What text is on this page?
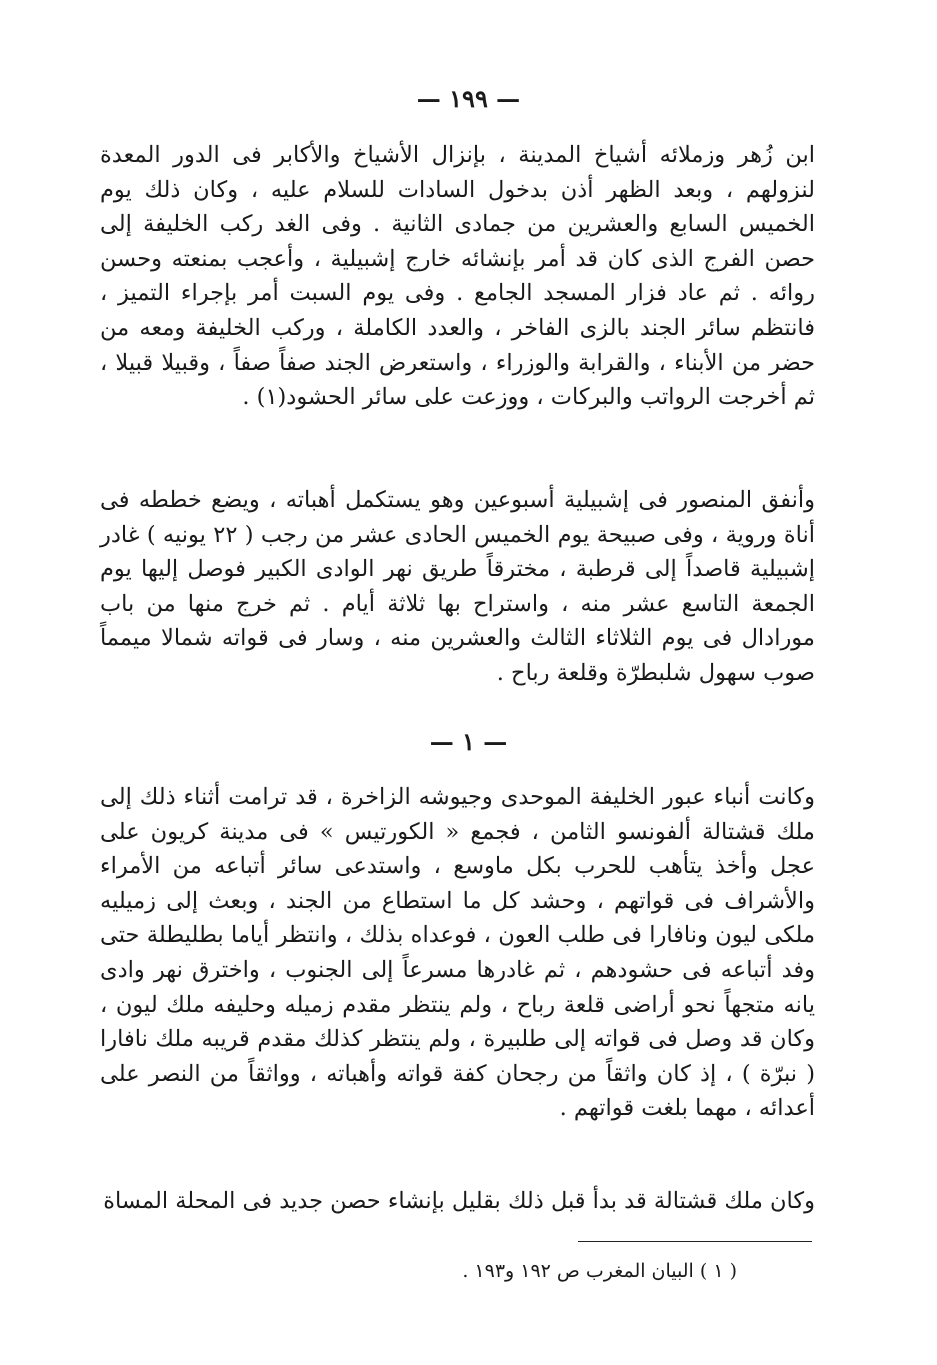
— ١٩٩ —

ابن زُهر وزملائه أشياخ المدينة ، بإنزال الأشياخ والأكابر فى الدور المعدة لنزولهم ، وبعد الظهر أذن بدخول السادات للسلام عليه ، وكان ذلك يوم الخميس السابع والعشرين من جمادى الثانية . وفى الغد ركب الخليفة إلى حصن الفرج الذى كان قد أمر بإنشائه خارج إشبيلية ، وأعجب بمنعته وحسن روائه . ثم عاد فزار المسجد الجامع . وفى يوم السبت أمر بإجراء التميز ، فانتظم سائر الجند بالزى الفاخر ، والعدد الكاملة ، وركب الخليفة ومعه من حضر من الأبناء ، والقرابة والوزراء ، واستعرض الجند صفاً صفاً ، وقبيلا قبيلا ، ثم أخرجت الرواتب والبركات ، ووزعت على سائر الحشود(١) .

وأنفق المنصور فى إشبيلية أسبوعين وهو يستكمل أهباته ، ويضع خططه فى أناة وروية ، وفى صبيحة يوم الخميس الحادى عشر من رجب ( ٢٢ يونيه ) غادر إشبيلية قاصداً إلى قرطبة ، مخترقاً طريق نهر الوادى الكبير فوصل إليها يوم الجمعة التاسع عشر منه ، واستراح بها ثلاثة أيام . ثم خرج منها من باب مورادال فى يوم الثلاثاء الثالث والعشرين منه ، وسار فى قواته شمالا ميمماً صوب سهول شلبطرّة وقلعة رباح .

— ١ —

وكانت أنباء عبور الخليفة الموحدى وجيوشه الزاخرة ، قد ترامت أثناء ذلك إلى ملك قشتالة ألفونسو الثامن ، فجمع « الكورتيس » فى مدينة كريون على عجل وأخذ يتأهب للحرب بكل ماوسع ، واستدعى سائر أتباعه من الأمراء والأشراف فى قواتهم ، وحشد كل ما استطاع من الجند ، وبعث إلى زميليه ملكى ليون ونافارا فى طلب العون ، فوعداه بذلك ، وانتظر أياما بطليطلة حتى وفد أتباعه فى حشودهم ، ثم غادرها مسرعاً إلى الجنوب ، واخترق نهر وادى يانه متجهاً نحو أراضى قلعة رباح ، ولم ينتظر مقدم زميله وحليفه ملك ليون ، وكان قد وصل فى قواته إلى طلبيرة ، ولم ينتظر كذلك مقدم قريبه ملك نافارا ( نبرّة ) ، إذ كان واثقاً من رجحان كفة قواته وأهباته ، وواثقاً من النصر على أعدائه ، مهما بلغت قواتهم .

وكان ملك قشتالة قد بدأ قبل ذلك بقليل بإنشاء حصن جديد فى المحلة المساة

( ١ ) البيان المغرب ص ١٩٢ و١٩٣ .
